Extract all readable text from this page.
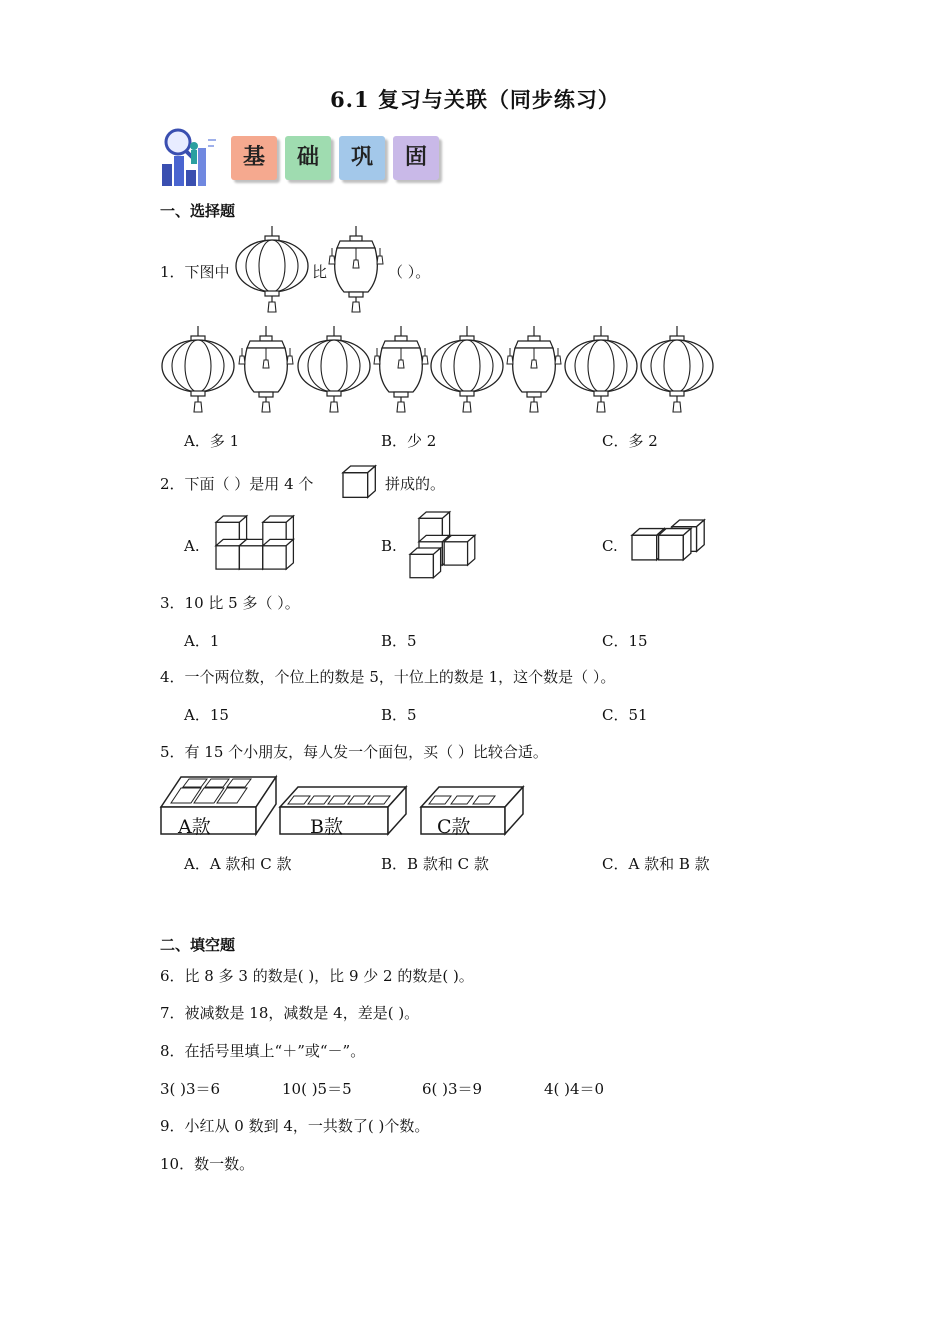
6.1 复习与关联（同步练习）
基	础	巩	固
一、选择题
1．下图中	比	（ ）。
A．多 1	B．少 2	C．多 2
2．下面（ ）是用 4 个	拼成的。
A.	B.	C.
3．10 比 5 多（ ）。
A．1	B．5	C．15
4．一个两位数，个位上的数是 5，十位上的数是 1，这个数是（ ）。
A．15	B．5	C．51
5．有 15 个小朋友，每人发一个面包，买（ ）比较合适。
A款	B款	C款
A．A 款和 C 款	B．B 款和 C 款	C．A 款和 B 款
二、填空题
6．比 8 多 3 的数是( )，比 9 少 2 的数是( )。
7．被减数是 18，减数是 4，差是( )。
8．在括号里填上“＋”或“－”。
3( )3＝6	10( )5＝5	6( )3＝9	4( )4＝0
9．小红从 0 数到 4，一共数了( )个数。
10．数一数。
